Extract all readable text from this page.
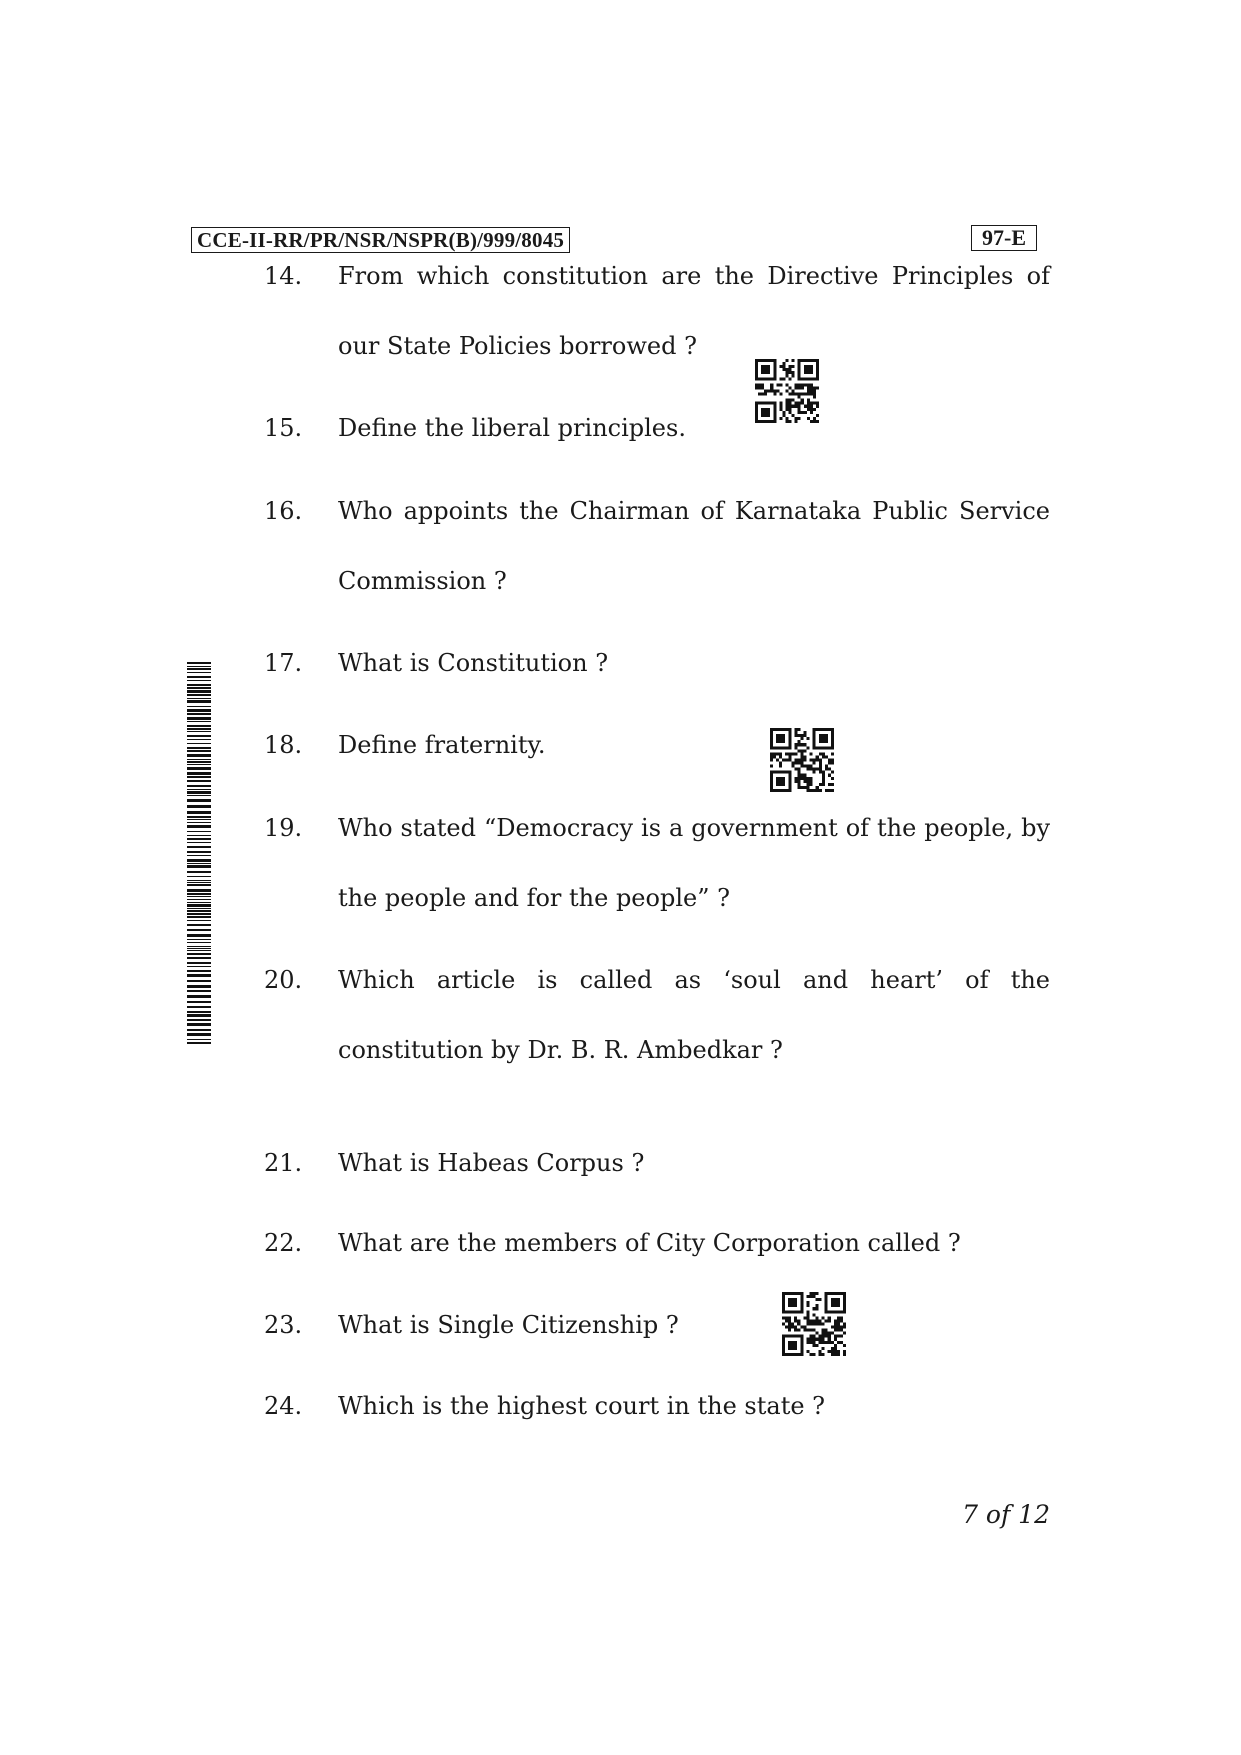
CCE-II-RR/PR/NSR/NSPR(B)/999/8045	97-E
14. From which constitution are the Directive Principles of
our State Policies borrowed ?
15. Define the liberal principles.
16. Who appoints the Chairman of Karnataka Public Service
Commission ?
17. What is Constitution ?
18. Define fraternity.
19. Who stated “Democracy is a government of the people, by
the people and for the people” ?
20. Which article is called as ‘soul and heart’ of the
constitution by Dr. B. R. Ambedkar ?
21. What is Habeas Corpus ?
22. What are the members of City Corporation called ?
23. What is Single Citizenship ?
24. Which is the highest court in the state ?
7 of 12
